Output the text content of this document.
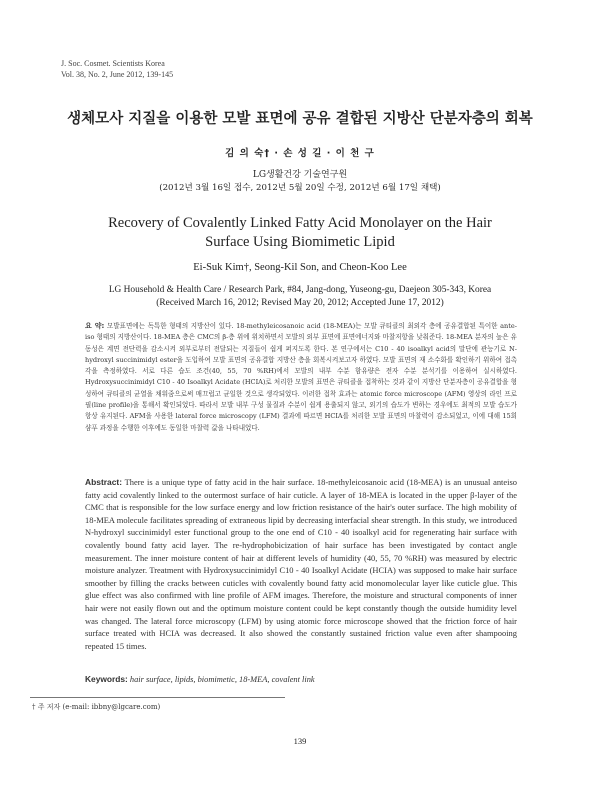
J. Soc. Cosmet. Scientists Korea
Vol. 38, No. 2, June 2012, 139-145
생체모사 지질을 이용한 모발 표면에 공유 결합된 지방산 단분자층의 회복
김 의 숙† · 손 성 길 · 이 천 구
LG생활건강 기술연구원
(2012년 3월 16일 접수, 2012년 5월 20일 수정, 2012년 6월 17일 채택)
Recovery of Covalently Linked Fatty Acid Monolayer on the Hair
Surface Using Biomimetic Lipid
Ei-Suk Kim†, Seong-Kil Son, and Cheon-Koo Lee
LG Household & Health Care / Research Park, #84, Jang-dong, Yuseong-gu, Daejeon 305-343, Korea
(Received March 16, 2012; Revised May 20, 2012; Accepted June 17, 2012)
요 약: 모발표면에는 독특한 형태의 지방산이 있다. 18-methyleicosanoic acid (18-MEA)는 모발 큐티클의 최외각 층에 공유결합된 특이한 ante-iso 형태의 지방산이다. 18-MEA 층은 CMC의 β-층 위에 위치하면서 모발의 외부 표면에 표면에너지와 마찰저항을 낮춰준다. 18-MEA 분자의 높은 유동성은 계면 전단력을 감소시켜 외부로부터 전달되는 지질들이 쉽게 퍼지도록 한다. 본 연구에서는 C10 - 40 isoalkyl acid의 말단에 관능기로 N-hydroxyl succinimidyl ester을 도입하여 모발 표면의 공유결합 지방산 층을 회복시켜보고자 하였다. 모발 표면의 재 소수화를 확인하기 위하여 접촉각을 측정하였다. 서로 다른 습도 조건(40, 55, 70 %RH)에서 모발의 내부 수분 함유량은 전자 수분 분석기를 이용하여 실시하였다. Hydroxysuccinimidyl C10 - 40 Isoalkyl Acidate (HCIA)로 처리한 모발의 표면은 큐티클을 접착하는 것과 같이 지방산 단분자층이 공유결합을 형성하여 큐티클의 균열을 채워줌으로써 매끄럽고 균일한 것으로 생각되었다. 이러한 접착 효과는 atomic force microscope (AFM) 영상의 라인 프로필(line profile)을 통해서 확인되었다. 따라서 모발 내부 구성 물질과 수분이 쉽게 용출되지 않고, 외기의 습도가 변하는 경우에도 최적의 모발 습도가 항상 유지된다. AFM을 사용한 lateral force microscopy (LFM) 결과에 따르면 HCIA를 처리한 모발 표면의 마찰력이 감소되었고, 이에 대해 15회 샴푸 과정을 수행한 이후에도 동일한 마찰력 값을 나타내었다.
Abstract: There is a unique type of fatty acid in the hair surface. 18-methyleicosanoic acid (18-MEA) is an unusual anteiso fatty acid covalently linked to the outermost surface of hair cuticle. A layer of 18-MEA is located in the upper β-layer of the CMC that is responsible for the low surface energy and low friction resistance of the hair's outer surface. The high mobility of 18-MEA molecule facilitates spreading of extraneous lipid by decreasing interfacial shear strength. In this study, we introduced N-hydroxyl succinimidyl ester functional group to the one end of C10 - 40 isoalkyl acid for regenerating hair surface with covalently bound fatty acid layer. The re-hydrophobicization of hair surface has been investigated by contact angle measurement. The inner moisture content of hair at different levels of humidity (40, 55, 70 %RH) was measured by electric moisture analyzer. Treatment with Hydroxysuccinimidyl C10 - 40 Isoalkyl Acidate (HCIA) was supposed to make hair surface smoother by filling the cracks between cuticles with covalently bound fatty acid monomolecular layer like cuticle glue. This glue effect was also confirmed with line profile of AFM images. Therefore, the moisture and structural components of inner hair were not easily flown out and the optimum moisture content could be kept constantly though the outside humidity level was changed. The lateral force microscopy (LFM) by using atomic force microscope showed that the friction force of hair surface treated with HCIA was decreased. It also showed the constantly sustained friction value even after shampooing repeated 15 times.
Keywords: hair surface, lipids, biomimetic, 18-MEA, covalent link
† 주 저자 (e-mail: ibbny@lgcare.com)
139
